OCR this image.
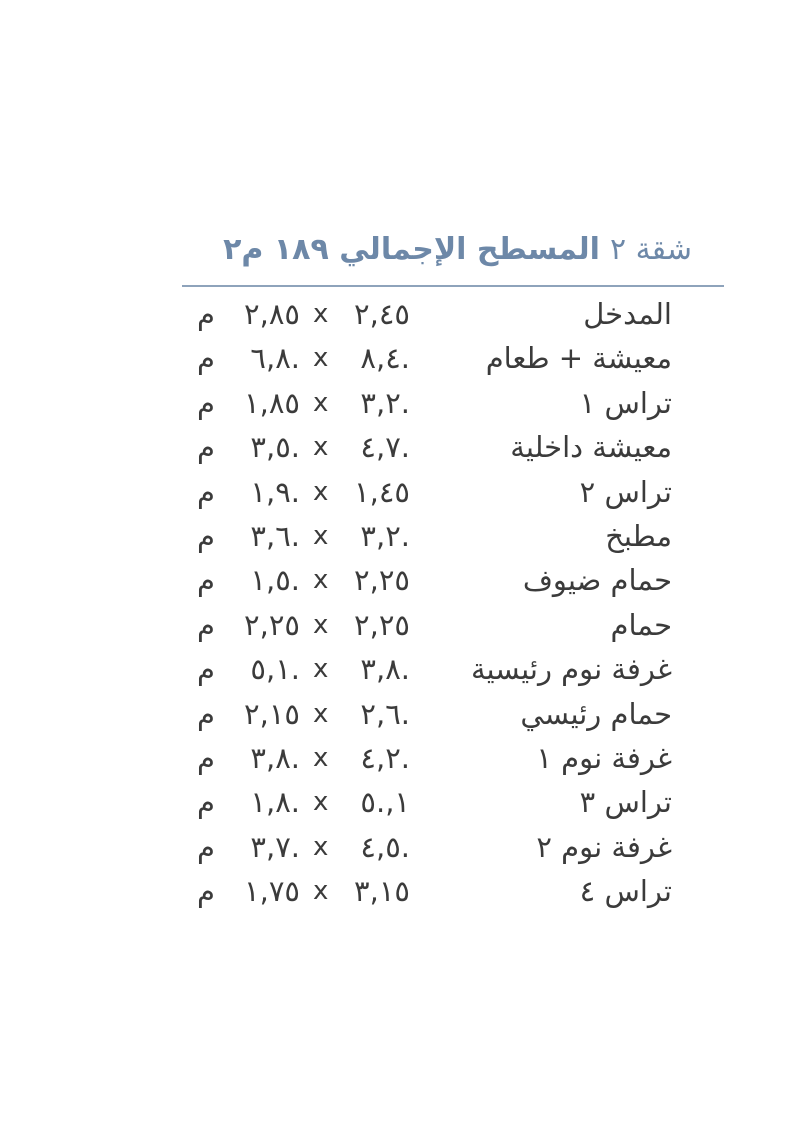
شقة ٢المسطح الإجمالي ١٨٩ م٢
المدخل
٢,٤٥
x
٢,٨٥
م
معيشة + طعام
٨,٤.
x
٦,٨.
م
تراس ١
٣,٢.
x
١,٨٥
م
معيشة داخلية
٤,٧.
x
٣,٥.
م
تراس ٢
١,٤٥
x
١,٩.
م
مطبخ
٣,٢.
x
٣,٦.
م
حمام ضيوف
٢,٢٥
x
١,٥.
م
حمام
٢,٢٥
x
٢,٢٥
م
غرفة نوم رئيسية
٣,٨.
x
٥,١.
م
حمام رئيسي
٢,٦.
x
٢,١٥
م
غرفة نوم ١
٤,٢.
x
٣,٨.
م
تراس ٣
١,.٥
x
١,٨.
م
غرفة نوم ٢
٤,٥.
x
٣,٧.
م
تراس ٤
٣,١٥
x
١,٧٥
م
